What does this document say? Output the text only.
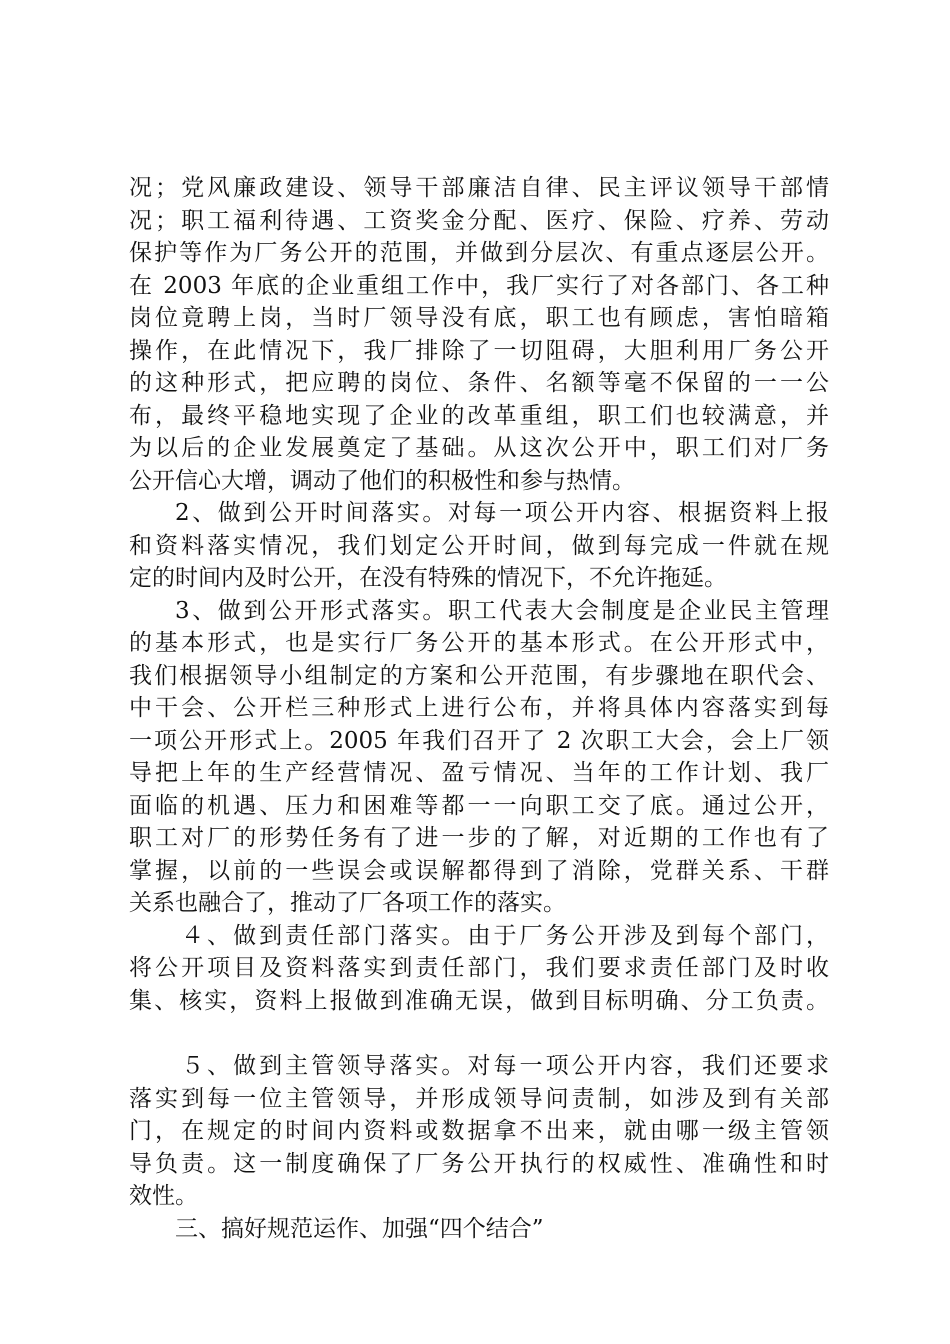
况；党风廉政建设、领导干部廉洁自律、民主评议领导干部情
况；职工福利待遇、工资奖金分配、医疗、保险、疗养、劳动
保护等作为厂务公开的范围，并做到分层次、有重点逐层公开。
在 2003 年底的企业重组工作中，我厂实行了对各部门、各工种
岗位竟聘上岗，当时厂领导没有底，职工也有顾虑，害怕暗箱
操作，在此情况下，我厂排除了一切阻碍，大胆利用厂务公开
的这种形式，把应聘的岗位、条件、名额等毫不保留的一一公
布，最终平稳地实现了企业的改革重组，职工们也较满意，并
为以后的企业发展奠定了基础。从这次公开中，职工们对厂务
公开信心大增，调动了他们的积极性和参与热情。
2、做到公开时间落实。对每一项公开内容、根据资料上报
和资料落实情况，我们划定公开时间，做到每完成一件就在规
定的时间内及时公开，在没有特殊的情况下，不允许拖延。
3、做到公开形式落实。职工代表大会制度是企业民主管理
的基本形式，也是实行厂务公开的基本形式。在公开形式中，
我们根据领导小组制定的方案和公开范围，有步骤地在职代会、
中干会、公开栏三种形式上进行公布，并将具体内容落实到每
一项公开形式上。2005 年我们召开了 2 次职工大会，会上厂领
导把上年的生产经营情况、盈亏情况、当年的工作计划、我厂
面临的机遇、压力和困难等都一一向职工交了底。通过公开，
职工对厂的形势任务有了进一步的了解，对近期的工作也有了
掌握，以前的一些误会或误解都得到了消除，党群关系、干群
关系也融合了，推动了厂各项工作的落实。
４、做到责任部门落实。由于厂务公开涉及到每个部门，
将公开项目及资料落实到责任部门，我们要求责任部门及时收
集、核实，资料上报做到准确无误，做到目标明确、分工负责。
５、做到主管领导落实。对每一项公开内容，我们还要求
落实到每一位主管领导，并形成领导问责制，如涉及到有关部
门，在规定的时间内资料或数据拿不出来，就由哪一级主管领
导负责。这一制度确保了厂务公开执行的权威性、准确性和时
效性。
三、搞好规范运作、加强“四个结合”
